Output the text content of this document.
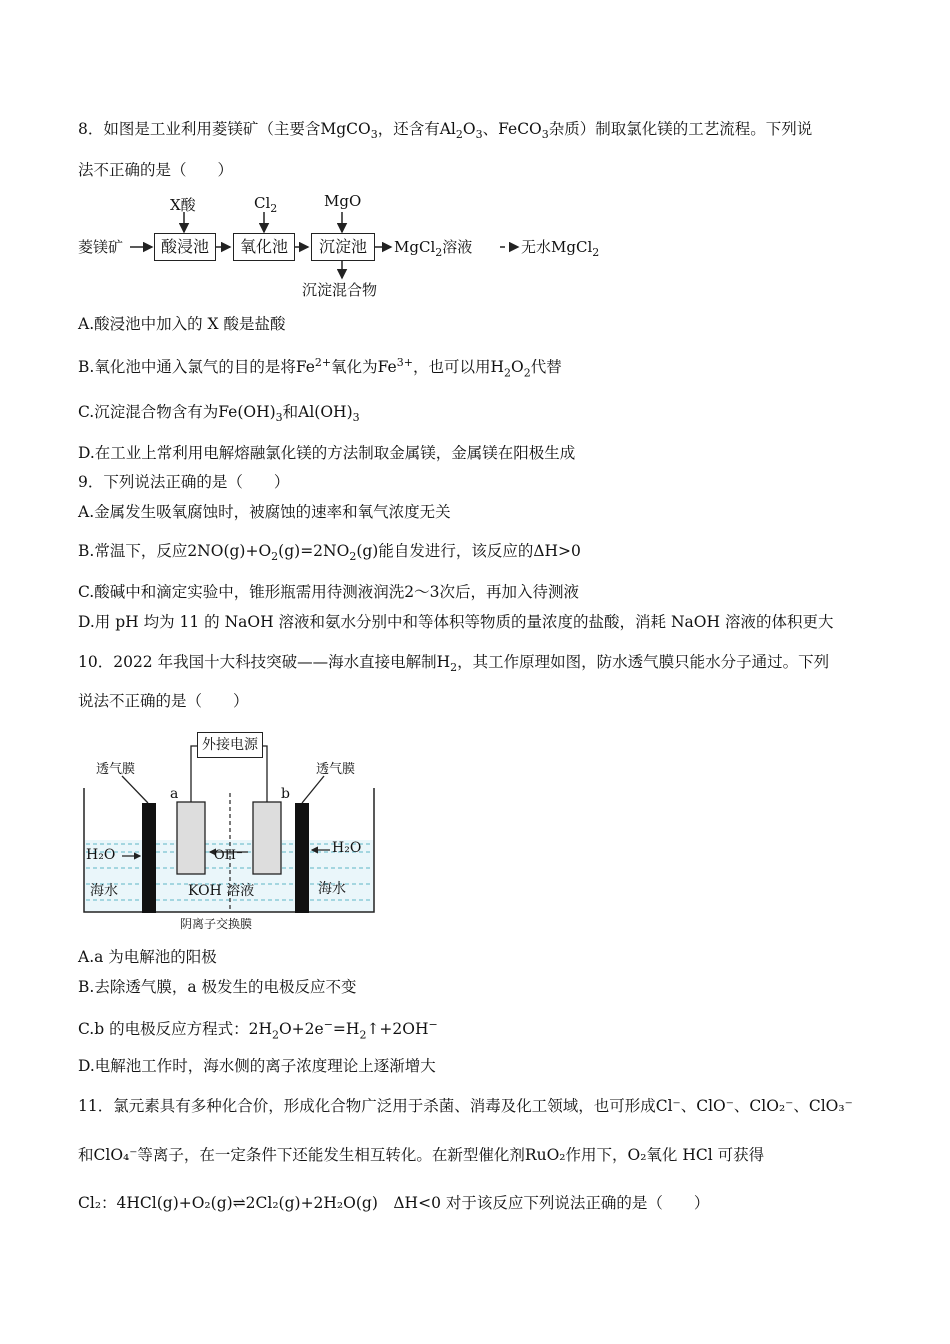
8．如图是工业利用菱镁矿（主要含MgCO$_3$，还含有$Al_2O_3$、FeCO$_3$杂质）制取氯化镁的工艺流程。下列说
法不正确的是（　　）
菱镁矿
X酸	$Cl_2$	MgO
酸浸池	氧化池	沉淀池	MgCl$_2$溶液	无水MgCl$_2$
沉淀混合物
A.酸浸池中加入的 X 酸是盐酸
B.氧化池中通入氯气的目的是将$Fe^{2+}$氧化为$Fe^{3+}$，也可以用$H_2O_2$代替
C.沉淀混合物含有为$Fe(OH)_3$和$Al(OH)_3$
D.在工业上常利用电解熔融氯化镁的方法制取金属镁，金属镁在阳极生成
9．下列说法正确的是（　　）
A.金属发生吸氧腐蚀时，被腐蚀的速率和氧气浓度无关
B.常温下，反应$2NO(g)+O_2(g)=2NO_2(g)$能自发进行，该反应的ΔH>0
C.酸碱中和滴定实验中，锥形瓶需用待测液润洗2～3次后，再加入待测液
D.用 pH 均为 11 的 NaOH 溶液和氨水分别中和等体积等物质的量浓度的盐酸，消耗 NaOH 溶液的体积更大
10．2022 年我国十大科技突破——海水直接电解制$H_2$，其工作原理如图，防水透气膜只能水分子通过。下列
说法不正确的是（　　）
外接电源
透气膜	透气膜
a	b
H₂O	H₂O
OH⁻
海水	海水
KOH 溶液
阴离子交换膜
A.a 为电解池的阳极
B.去除透气膜，a 极发生的电极反应不变
C.b 的电极反应方程式：$2H_2O+2e^-=H_2↑+2OH^-$
D.电解池工作时，海水侧的离子浓度理论上逐渐增大
11．氯元素具有多种化合价，形成化合物广泛用于杀菌、消毒及化工领域，也可形成Cl⁻、ClO⁻、ClO₂⁻、ClO₃⁻
和ClO₄⁻等离子，在一定条件下还能发生相互转化。在新型催化剂RuO₂作用下，O₂氧化 HCl 可获得
Cl₂：4HCl(g)+O₂(g)⇌2Cl₂(g)+2H₂O(g)　ΔH<0 对于该反应下列说法正确的是（　　）
